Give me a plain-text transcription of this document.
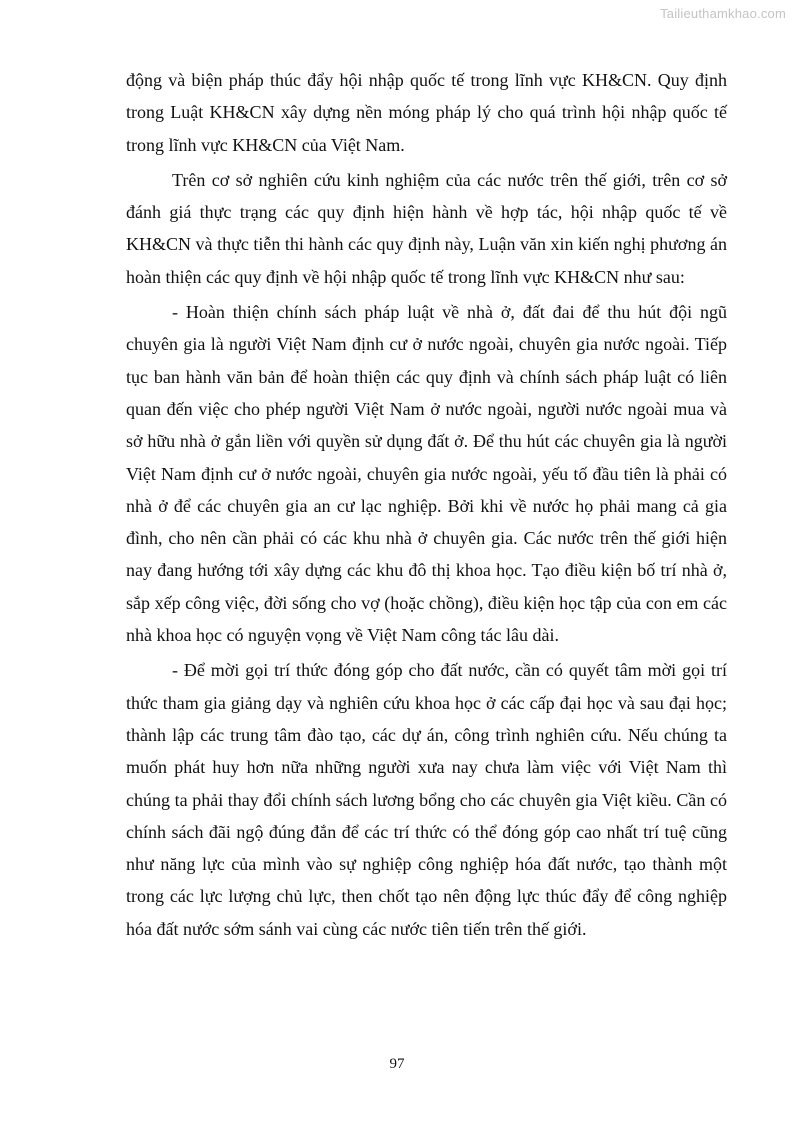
Tailieuthamkhao.com

động và biện pháp thúc đẩy hội nhập quốc tế trong lĩnh vực KH&CN. Quy định trong Luật KH&CN xây dựng nền móng pháp lý cho quá trình hội nhập quốc tế trong lĩnh vực KH&CN của Việt Nam.

Trên cơ sở nghiên cứu kinh nghiệm của các nước trên thế giới, trên cơ sở đánh giá thực trạng các quy định hiện hành về hợp tác, hội nhập quốc tế về KH&CN và thực tiễn thi hành các quy định này, Luận văn xin kiến nghị phương án hoàn thiện các quy định về hội nhập quốc tế trong lĩnh vực KH&CN như sau:

- Hoàn thiện chính sách pháp luật về nhà ở, đất đai để thu hút đội ngũ chuyên gia là người Việt Nam định cư ở nước ngoài, chuyên gia nước ngoài. Tiếp tục ban hành văn bản để hoàn thiện các quy định và chính sách pháp luật có liên quan đến việc cho phép người Việt Nam ở nước ngoài, người nước ngoài mua và sở hữu nhà ở gắn liền với quyền sử dụng đất ở. Để thu hút các chuyên gia là người Việt Nam định cư ở nước ngoài, chuyên gia nước ngoài, yếu tố đầu tiên là phải có nhà ở để các chuyên gia an cư lạc nghiệp. Bởi khi về nước họ phải mang cả gia đình, cho nên cần phải có các khu nhà ở chuyên gia. Các nước trên thế giới hiện nay đang hướng tới xây dựng các khu đô thị khoa học. Tạo điều kiện bố trí nhà ở, sắp xếp công việc, đời sống cho vợ (hoặc chồng), điều kiện học tập của con em các nhà khoa học có nguyện vọng về Việt Nam công tác lâu dài.

- Để mời gọi trí thức đóng góp cho đất nước, cần có quyết tâm mời gọi trí thức tham gia giảng dạy và nghiên cứu khoa học ở các cấp đại học và sau đại học; thành lập các trung tâm đào tạo, các dự án, công trình nghiên cứu. Nếu chúng ta muốn phát huy hơn nữa những người xưa nay chưa làm việc với Việt Nam thì chúng ta phải thay đổi chính sách lương bổng cho các chuyên gia Việt kiều. Cần có chính sách đãi ngộ đúng đắn để các trí thức có thể đóng góp cao nhất trí tuệ cũng như năng lực của mình vào sự nghiệp công nghiệp hóa đất nước, tạo thành một trong các lực lượng chủ lực, then chốt tạo nên động lực thúc đẩy để công nghiệp hóa đất nước sớm sánh vai cùng các nước tiên tiến trên thế giới.

97
